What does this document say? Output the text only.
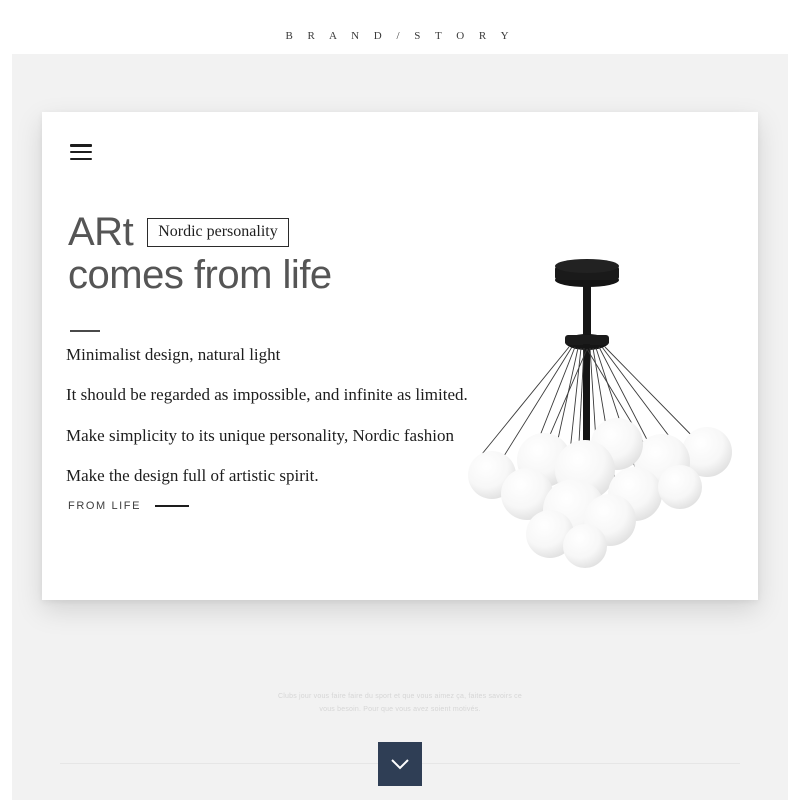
B R A N D / S T O R Y
ARt	Nordic personality
comes from life

Minimalist design, natural light

It should be regarded as impossible, and infinite as limited.

Make simplicity to its unique personality, Nordic fashion

Make the design full of artistic spirit.

FROM LIFE
Clubs jour vous faire faire du sport et que vous aimez ça, faites savoirs ce
vous besoin. Pour que vous avez soient motivés.
